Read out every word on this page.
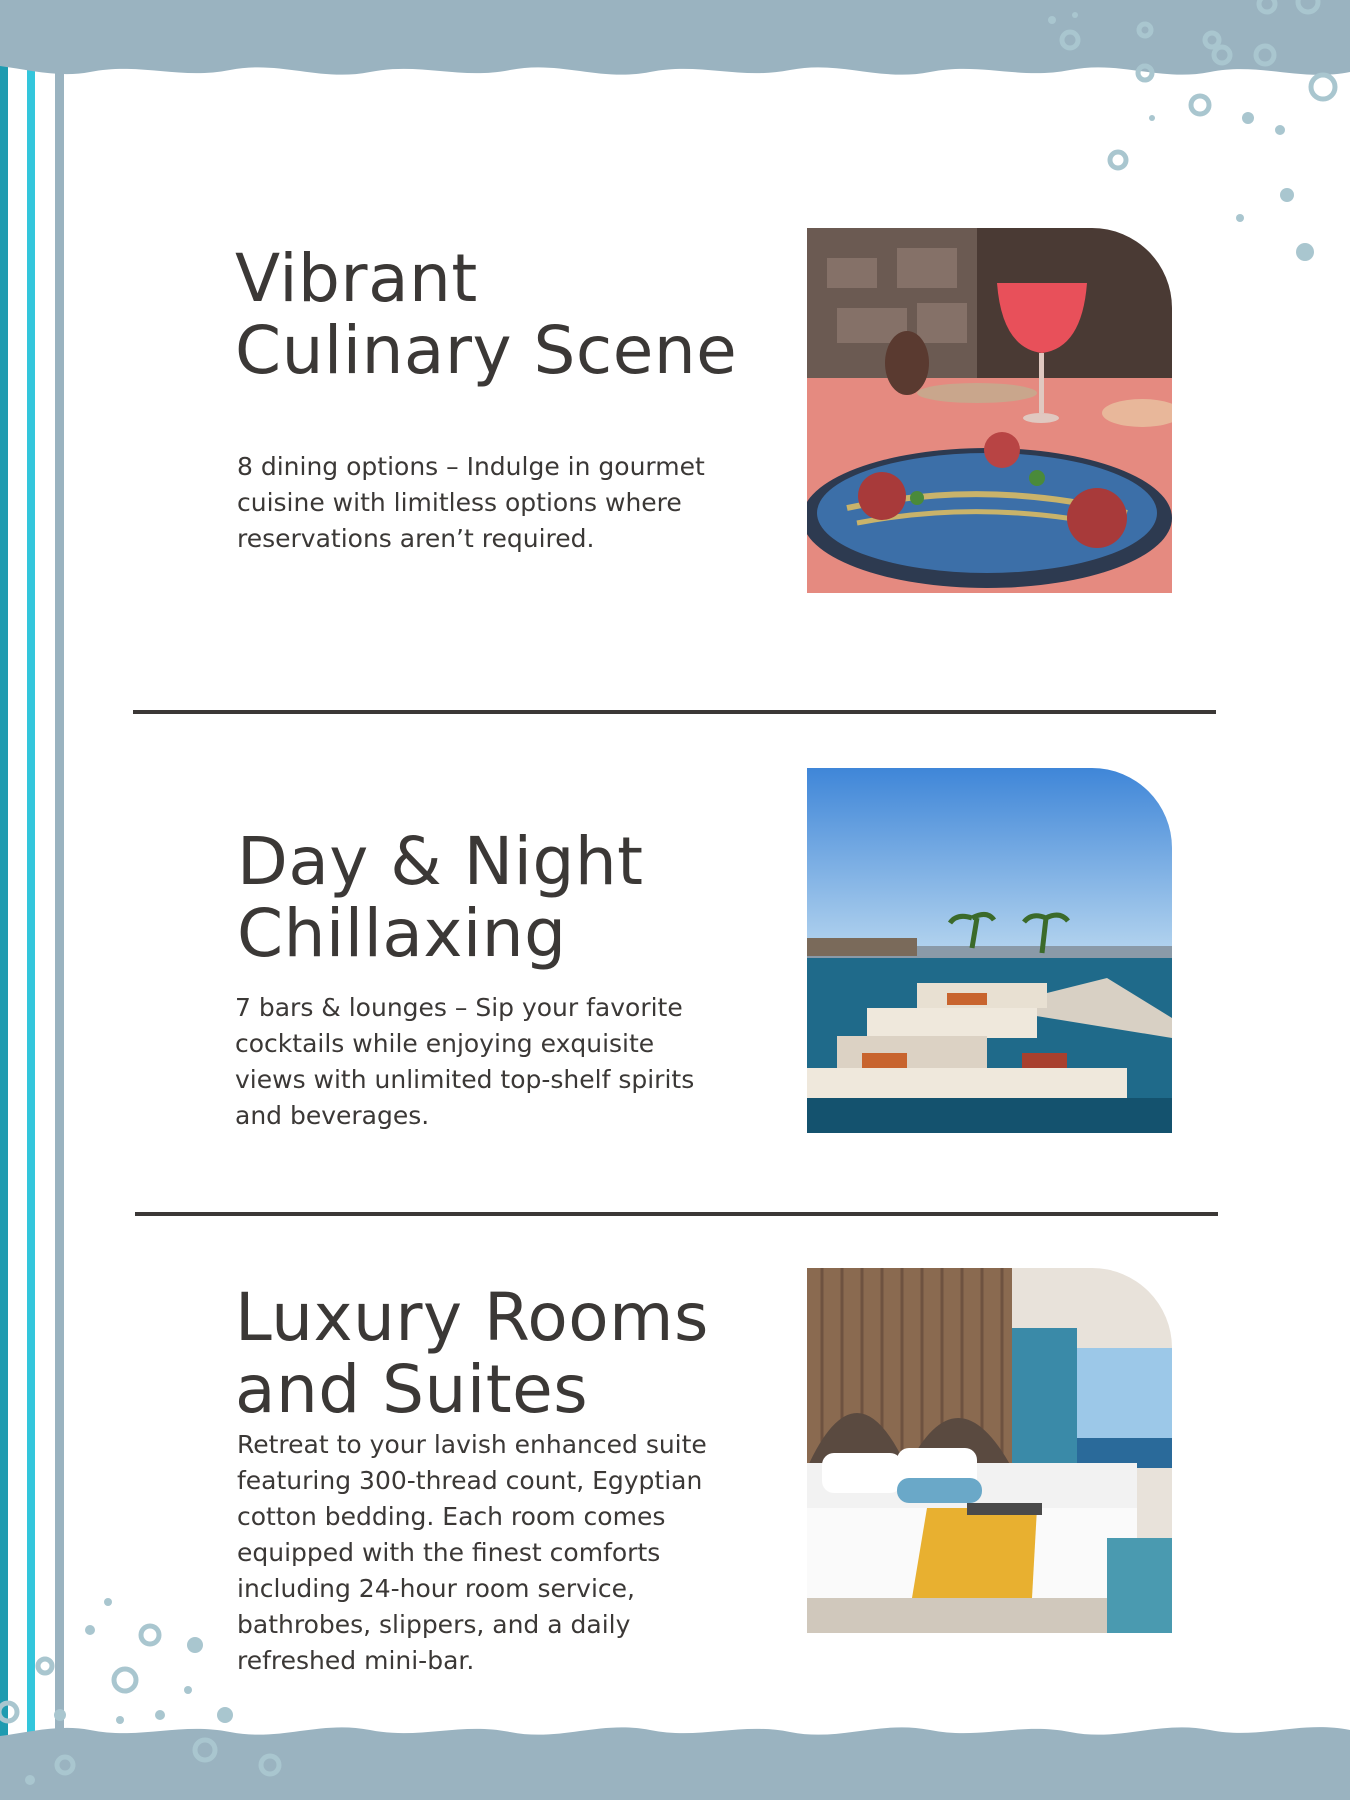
Vibrant
Culinary Scene

8 dining options – Indulge in gourmet cuisine with limitless options where reservations aren’t required.

Day & Night
Chillaxing

7 bars & lounges – Sip your favorite cocktails while enjoying exquisite views with unlimited top-shelf spirits and beverages.

Luxury Rooms
and Suites

Retreat to your lavish enhanced suite featuring 300-thread count, Egyptian cotton bedding. Each room comes equipped with the finest comforts including 24-hour room service, bathrobes, slippers, and a daily refreshed mini-bar.
